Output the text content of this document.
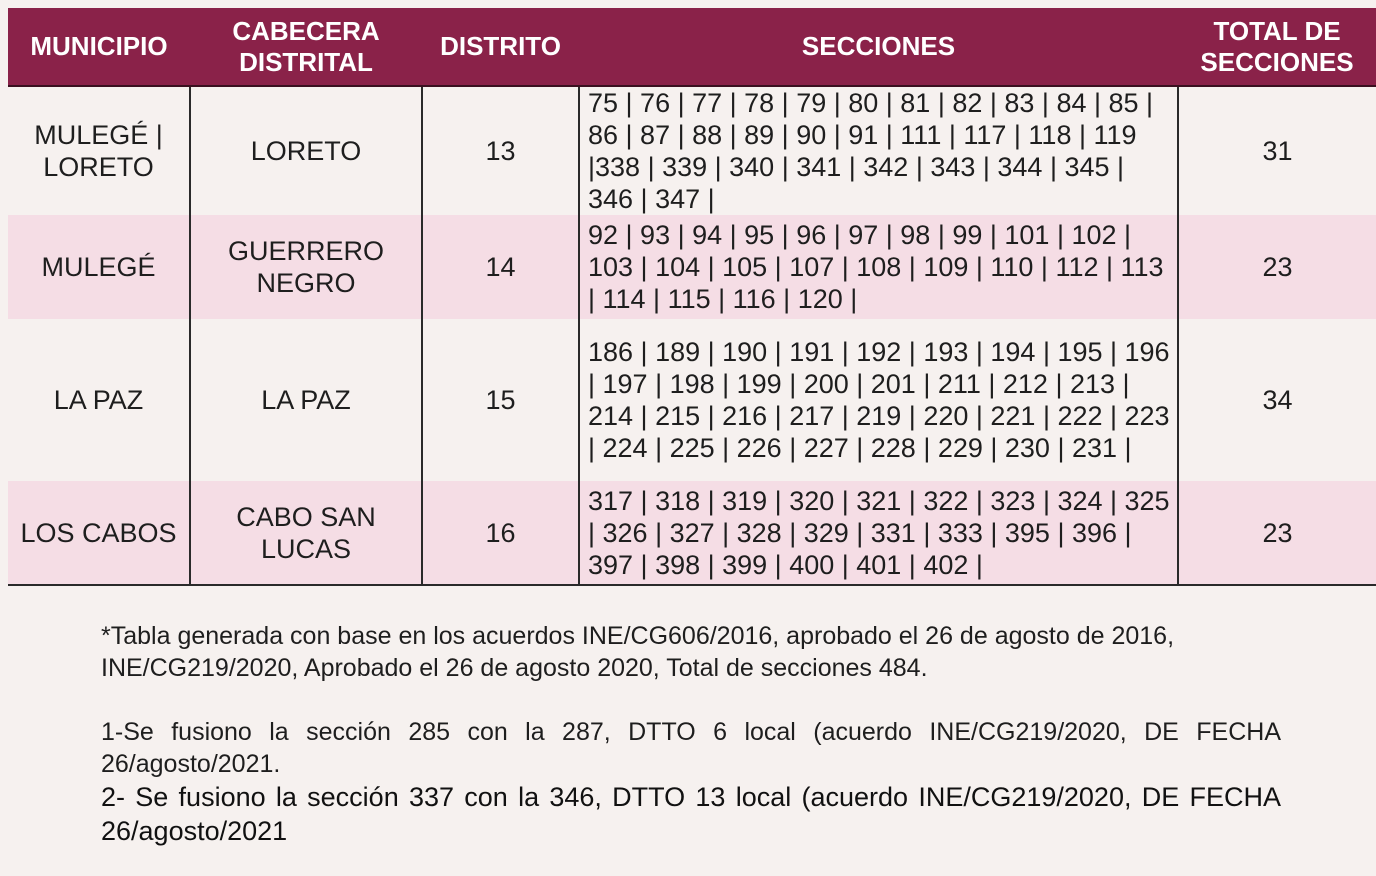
MUNICIPIO	CABECERA DISTRITAL	DISTRITO	SECCIONES	TOTAL DE SECCIONES
MULEGÉ | LORETO	LORETO	13	75 | 76 | 77 | 78 | 79 | 80 | 81 | 82 | 83 | 84 | 85 | 86 | 87 | 88 | 89 | 90 | 91 | 111 | 117 | 118 | 119 |338 | 339 | 340 | 341 | 342 | 343 | 344 | 345 | 346 | 347 |	31
MULEGÉ	GUERRERO NEGRO	14	92 | 93 | 94 | 95 | 96 | 97 | 98 | 99 | 101 | 102 | 103 | 104 | 105 | 107 | 108 | 109 | 110 | 112 | 113 | 114 | 115 | 116 | 120 |	23
LA PAZ	LA PAZ	15	186 | 189 | 190 | 191 | 192 | 193 | 194 | 195 | 196 | 197 | 198 | 199 | 200 | 201 | 211 | 212 | 213 | 214 | 215 | 216 | 217 | 219 | 220 | 221 | 222 | 223 | 224 | 225 | 226 | 227 | 228 | 229 | 230 | 231 |	34
LOS CABOS	CABO SAN LUCAS	16	317 | 318 | 319 | 320 | 321 | 322 | 323 | 324 | 325 | 326 | 327 | 328 | 329 | 331 | 333 | 395 | 396 | 397 | 398 | 399 | 400 | 401 | 402 |	23

*Tabla generada con base en los acuerdos INE/CG606/2016, aprobado el 26 de agosto de 2016, INE/CG219/2020, Aprobado el 26 de agosto 2020, Total de secciones 484.

1-Se fusiono la sección 285 con la 287, DTTO 6 local (acuerdo INE/CG219/2020, DE FECHA 26/agosto/2021.

2- Se fusiono la sección 337 con la 346, DTTO 13 local (acuerdo INE/CG219/2020, DE FECHA 26/agosto/2021
